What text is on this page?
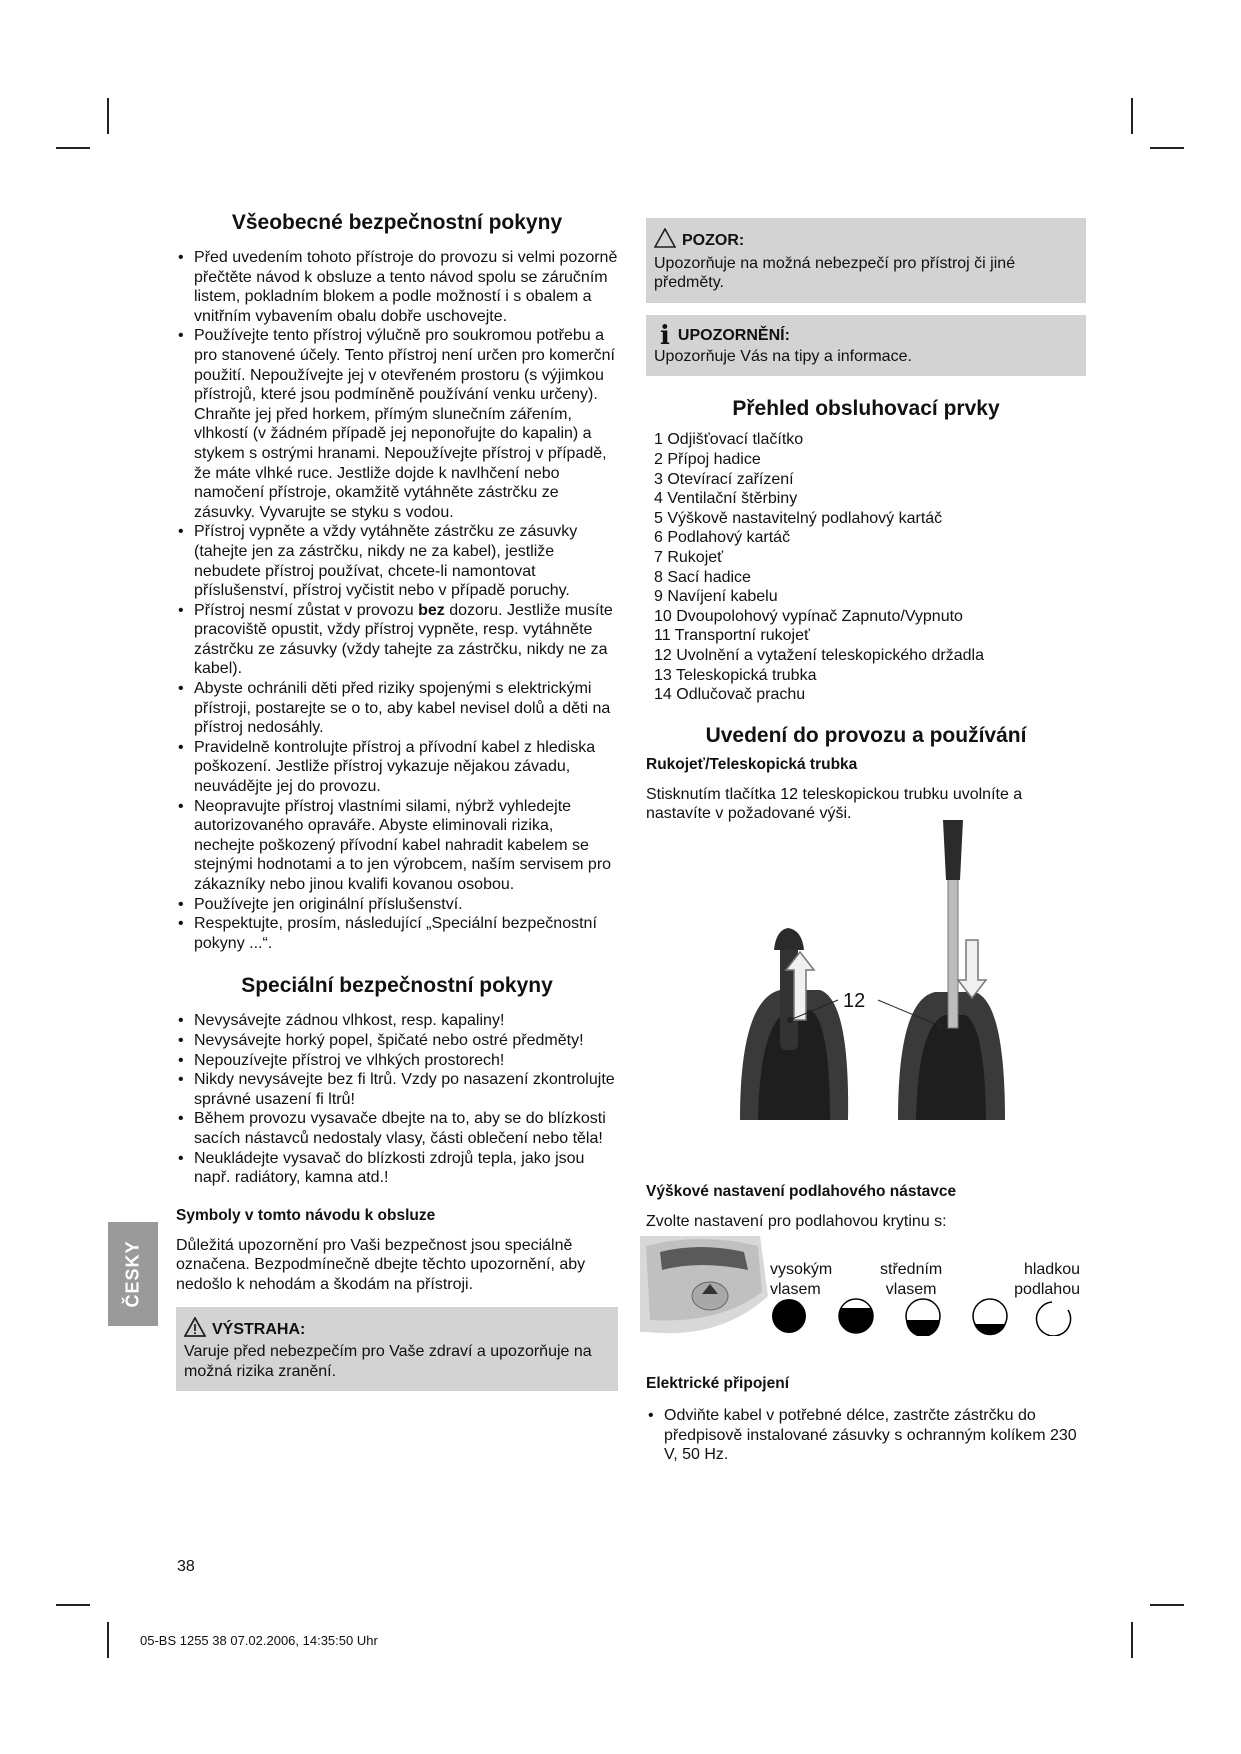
Všeobecné bezpečnostní pokyny
• Před uvedením tohoto přístroje do provozu si velmi pozorně přečtěte návod k obsluze a tento návod spolu se záručním listem, pokladním blokem a podle možností i s obalem a vnitřním vybavením obalu dobře uschovejte.
• Používejte tento přístroj výlučně pro soukromou potřebu a pro stanovené účely. Tento přístroj není určen pro komerční použití. Nepoužívejte jej v otevřeném prostoru (s výjimkou přístrojů, které jsou podmíněně používání venku určeny). Chraňte jej před horkem, přímým slunečním zářením, vlhkostí (v žádném případě jej neponořujte do kapalin) a stykem s ostrými hranami. Nepoužívejte přístroj v případě, že máte vlhké ruce. Jestliže dojde k navlhčení nebo namočení přístroje, okamžitě vytáhněte zástrčku ze zásuvky. Vyvarujte se styku s vodou.
• Přístroj vypněte a vždy vytáhněte zástrčku ze zásuvky (tahejte jen za zástrčku, nikdy ne za kabel), jestliže nebudete přístroj používat, chcete-li namontovat příslušenství, přístroj vyčistit nebo v případě poruchy.
• Přístroj nesmí zůstat v provozu bez dozoru. Jestliže musíte pracoviště opustit, vždy přístroj vypněte, resp. vytáhněte zástrčku ze zásuvky (vždy tahejte za zástrčku, nikdy ne za kabel).
• Abyste ochránili děti před riziky spojenými s elektrickými přístroji, postarejte se o to, aby kabel nevisel dolů a děti na přístroj nedosáhly.
• Pravidelně kontrolujte přístroj a přívodní kabel z hlediska poškození. Jestliže přístroj vykazuje nějakou závadu, neuvádějte jej do provozu.
• Neopravujte přístroj vlastními silami, nýbrž vyhledejte autorizovaného opraváře. Abyste eliminovali rizika, nechejte poškozený přívodní kabel nahradit kabelem se stejnými hodnotami a to jen výrobcem, naším servisem pro zákazníky nebo jinou kvalifi kovanou osobou.
• Používejte jen originální příslušenství.
• Respektujte, prosím, následující „Speciální bezpečnostní pokyny ...“.
Speciální bezpečnostní pokyny
• Nevysávejte zádnou vlhkost, resp. kapaliny!
• Nevysávejte horký popel, špičaté nebo ostré předměty!
• Nepouzívejte přístroj ve vlhkých prostorech!
• Nikdy nevysávejte bez fi ltrů. Vzdy po nasazení zkontrolujte správné usazení fi ltrů!
• Během provozu vysavače dbejte na to, aby se do blízkosti sacích nástavců nedostaly vlasy, části oblečení nebo těla!
• Neukládejte vysavač do blízkosti zdrojů tepla, jako jsou např. radiátory, kamna atd.!
Symboly v tomto návodu k obsluze

Důležitá upozornění pro Vaši bezpečnost jsou speciálně označena. Bezpodmínečně dbejte těchto upozornění, aby nedošlo k nehodám a škodám na přístroji.

VÝSTRAHA:
Varuje před nebezpečím pro Vaše zdraví a upozorňuje na možná rizika zranění.
POZOR:
Upozorňuje na možná nebezpečí pro přístroj či jiné předměty.
i UPOZORNĚNÍ:
Upozorňuje Vás na tipy a informace.
Přehled obsluhovací prvky
1 Odjišťovací tlačítko
2 Přípoj hadice
3 Otevírací zařízení
4 Ventilační štěrbiny
5 Výškově nastavitelný podlahový kartáč
6 Podlahový kartáč
7 Rukojeť
8 Sací hadice
9 Navíjení kabelu
10 Dvoupolohový vypínač Zapnuto/Vypnuto
11 Transportní rukojeť
12 Uvolnění a vytažení teleskopického držadla
13 Teleskopická trubka
14 Odlučovač prachu
Uvedení do provozu a používání
Rukojeť/Teleskopická trubka

Stisknutím tlačítka 12 teleskopickou trubku uvolníte a nastavíte v požadované výši.

12
Výškové nastavení podlahového nástavce

Zvolte nastavení pro podlahovou krytinu s:

vysokým
vlasem
středním
vlasem
hladkou
podlahou
Elektrické připojení
• Odviňte kabel v potřebné délce, zastrčte zástrčku do předpisově instalované zásuvky s ochranným kolíkem 230 V, 50 Hz.
ČESKY
38
05-BS 1255 38 07.02.2006, 14:35:50 Uhr
